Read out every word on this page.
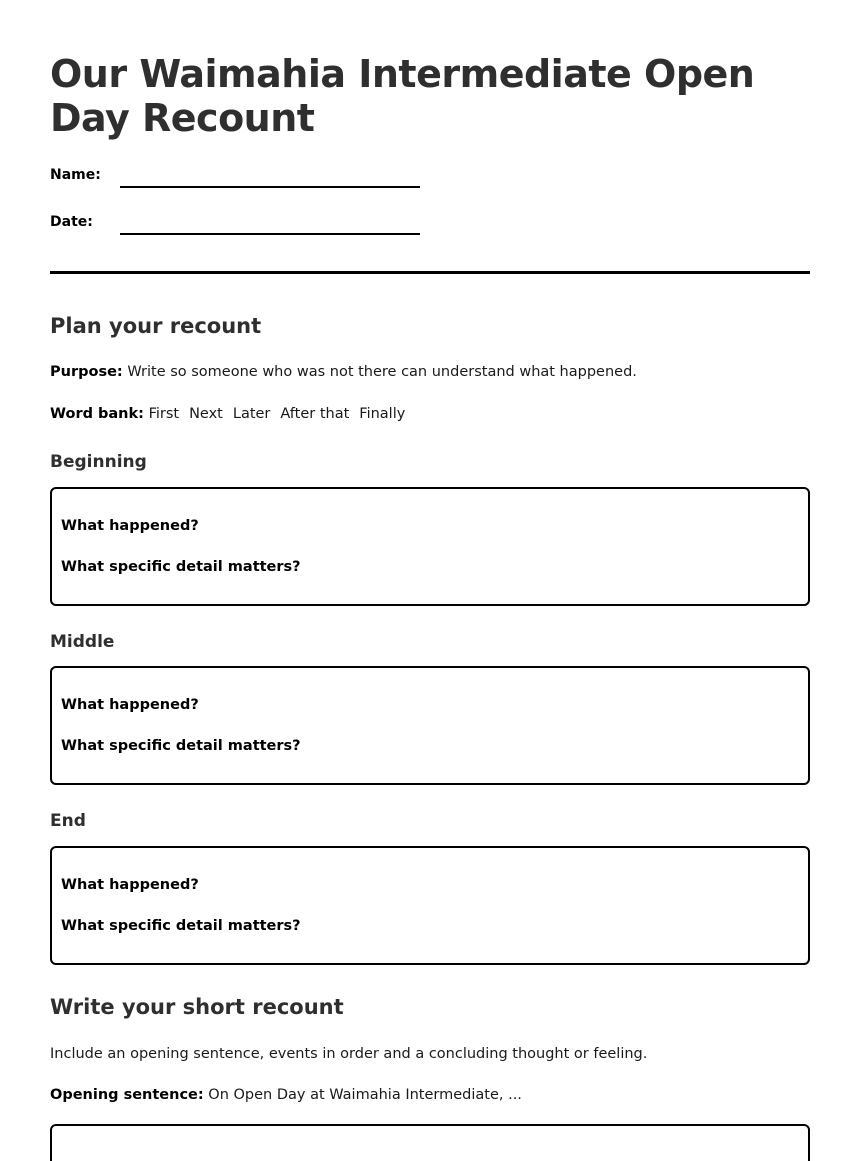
Our Waimahia Intermediate Open Day Recount
Name:
Date:
Plan your recount

Purpose: Write so someone who was not there can understand what happened.

Word bank: First Next Later After that Finally

Beginning
What happened?
What specific detail matters?
Middle
What happened?
What specific detail matters?
End
What happened?
What specific detail matters?
Write your short recount

Include an opening sentence, events in order and a concluding thought or feeling.

Opening sentence: On Open Day at Waimahia Intermediate, ...
